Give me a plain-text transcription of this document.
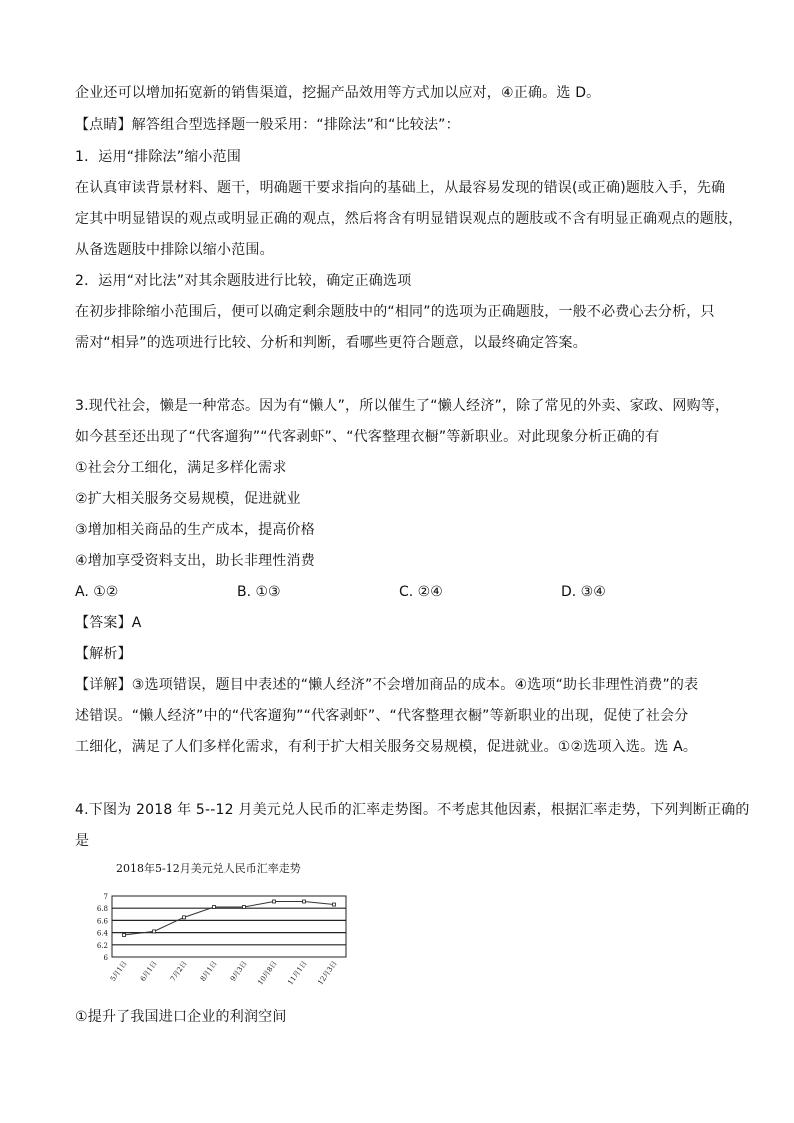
企业还可以增加拓宽新的销售渠道，挖掘产品效用等方式加以应对，④正确。选 D。
【点睛】解答组合型选择题一般采用：“排除法”和“比较法”：
1．运用“排除法”缩小范围
在认真审读背景材料、题干，明确题干要求指向的基础上，从最容易发现的错误(或正确)题肢入手，先确
定其中明显错误的观点或明显正确的观点，然后将含有明显错误观点的题肢或不含有明显正确观点的题肢，
从备选题肢中排除以缩小范围。
2．运用“对比法”对其余题肢进行比较，确定正确选项
在初步排除缩小范围后，便可以确定剩余题肢中的“相同”的选项为正确题肢，一般不必费心去分析，只
需对“相异”的选项进行比较、分析和判断，看哪些更符合题意，以最终确定答案。
3.现代社会，懒是一种常态。因为有“懒人”，所以催生了“懒人经济”，除了常见的外卖、家政、网购等，
如今甚至还出现了“代客遛狗”“代客剥虾”、“代客整理衣橱”等新职业。对此现象分析正确的有
①社会分工细化，满足多样化需求
②扩大相关服务交易规模，促进就业
③增加相关商品的生产成本，提高价格
④增加享受资料支出，助长非理性消费
A. ①②	B. ①③	C. ②④	D. ③④
【答案】A
【解析】
【详解】③选项错误，题目中表述的“懒人经济”不会增加商品的成本。④选项“助长非理性消费”的表
述错误。“懒人经济”中的“代客遛狗”“代客剥虾”、“代客整理衣橱”等新职业的出现，促使了社会分
工细化，满足了人们多样化需求，有利于扩大相关服务交易规模，促进就业。①②选项入选。选 A。
4.下图为 2018 年 5--12 月美元兑人民币的汇率走势图。不考虑其他因素，根据汇率走势，下列判断正确的
是
2018年5-12月美元兑人民币汇率走势
7
6.8
6.6
6.4
6.2
6
5月1日 6月1日 7月2日 8月1日 9月3日 10月8日 11月1日 12月3日
①提升了我国进口企业的利润空间
